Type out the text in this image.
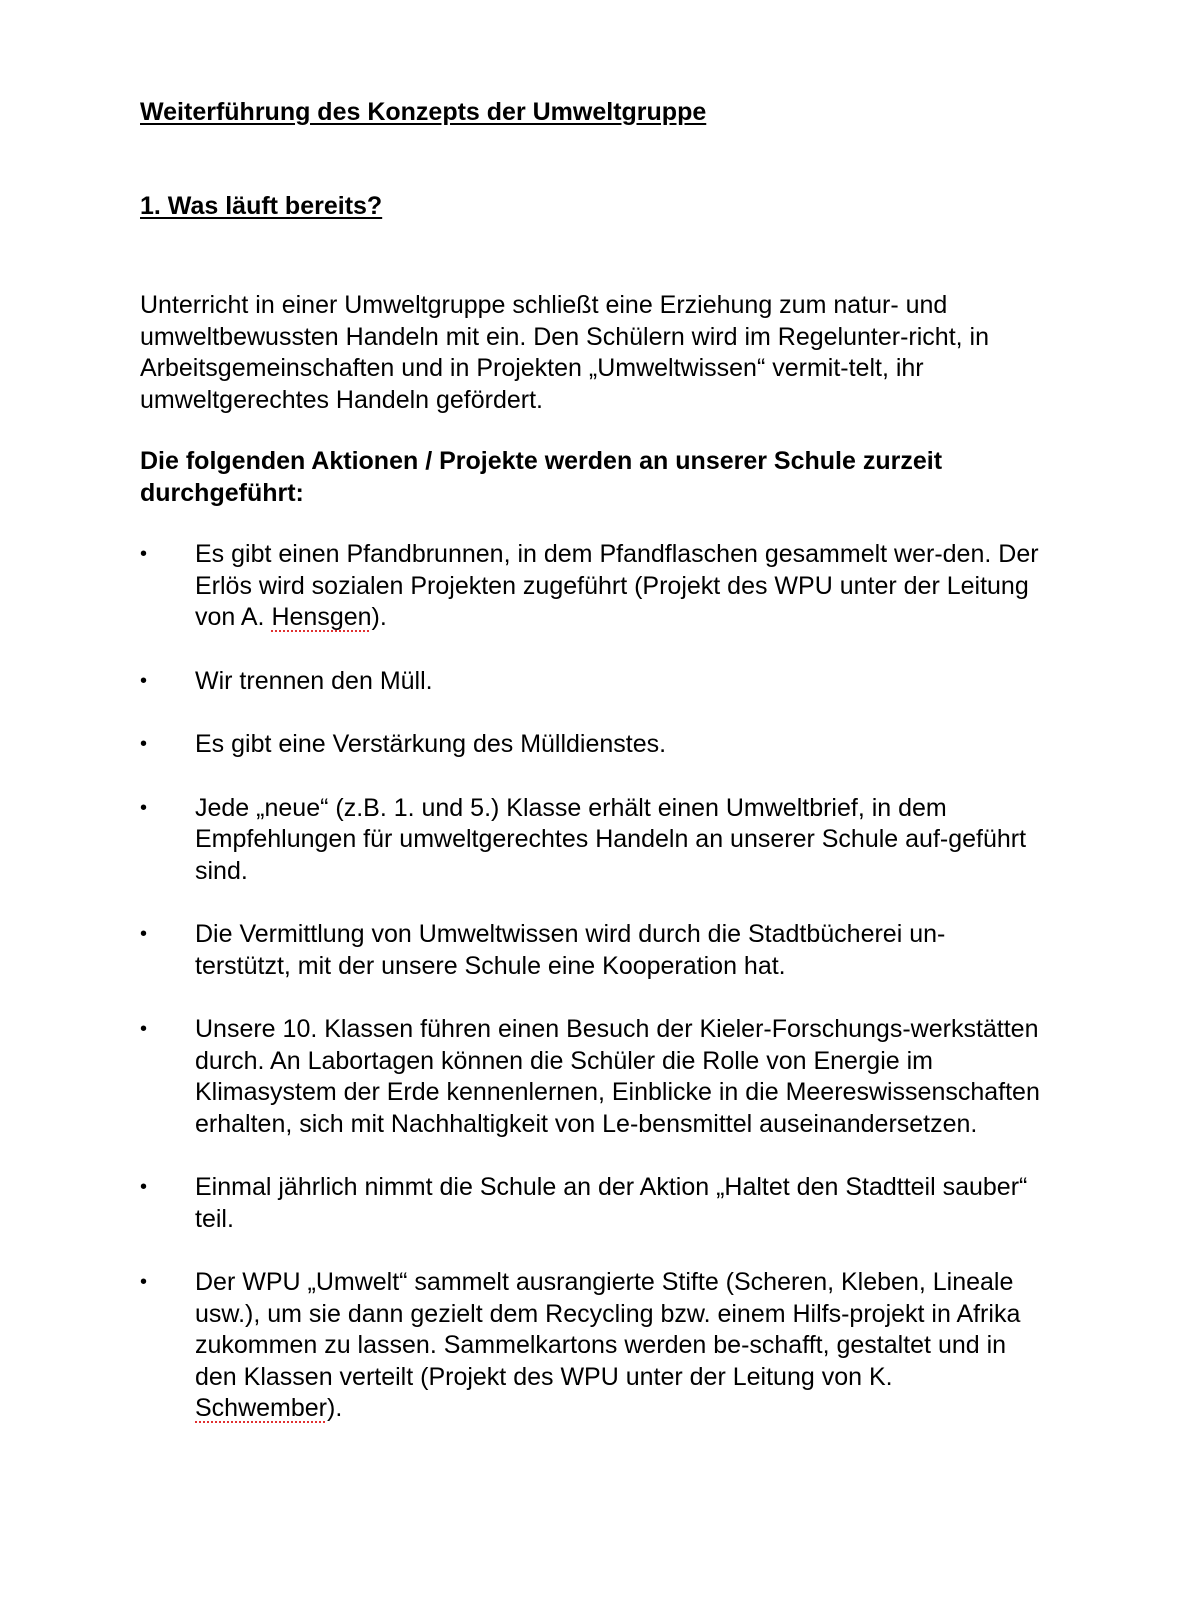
Weiterführung des Konzepts der Umweltgruppe
1. Was läuft bereits?

Unterricht in einer Umweltgruppe schließt eine Erziehung zum natur- und umweltbewussten Handeln mit ein. Den Schülern wird im Regelunter-richt, in Arbeitsgemeinschaften und in Projekten „Umweltwissen“ vermit-telt, ihr umweltgerechtes Handeln gefördert.

Die folgenden Aktionen / Projekte werden an unserer Schule zurzeit durchgeführt:

•	Es gibt einen Pfandbrunnen, in dem Pfandflaschen gesammelt wer-den. Der Erlös wird sozialen Projekten zugeführt (Projekt des WPU unter der Leitung von A. Hensgen).
•	Wir trennen den Müll.
•	Es gibt eine Verstärkung des Mülldienstes.
•	Jede „neue“ (z.B. 1. und 5.) Klasse erhält einen Umweltbrief, in dem Empfehlungen für umweltgerechtes Handeln an unserer Schule auf-geführt sind.
•	Die Vermittlung von Umweltwissen wird durch die Stadtbücherei un-terstützt, mit der unsere Schule eine Kooperation hat.
•	Unsere 10. Klassen führen einen Besuch der Kieler-Forschungs-werkstätten durch. An Labortagen können die Schüler die Rolle von Energie im Klimasystem der Erde kennenlernen, Einblicke in die Meereswissenschaften erhalten, sich mit Nachhaltigkeit von Le-bensmittel auseinandersetzen.
•	Einmal jährlich nimmt die Schule an der Aktion „Haltet den Stadtteil sauber“ teil.
•	Der WPU „Umwelt“ sammelt ausrangierte Stifte (Scheren, Kleben, Lineale usw.), um sie dann gezielt dem Recycling bzw. einem Hilfs-projekt in Afrika zukommen zu lassen. Sammelkartons werden be-schafft, gestaltet und in den Klassen verteilt (Projekt des WPU unter der Leitung von K. Schwember).
